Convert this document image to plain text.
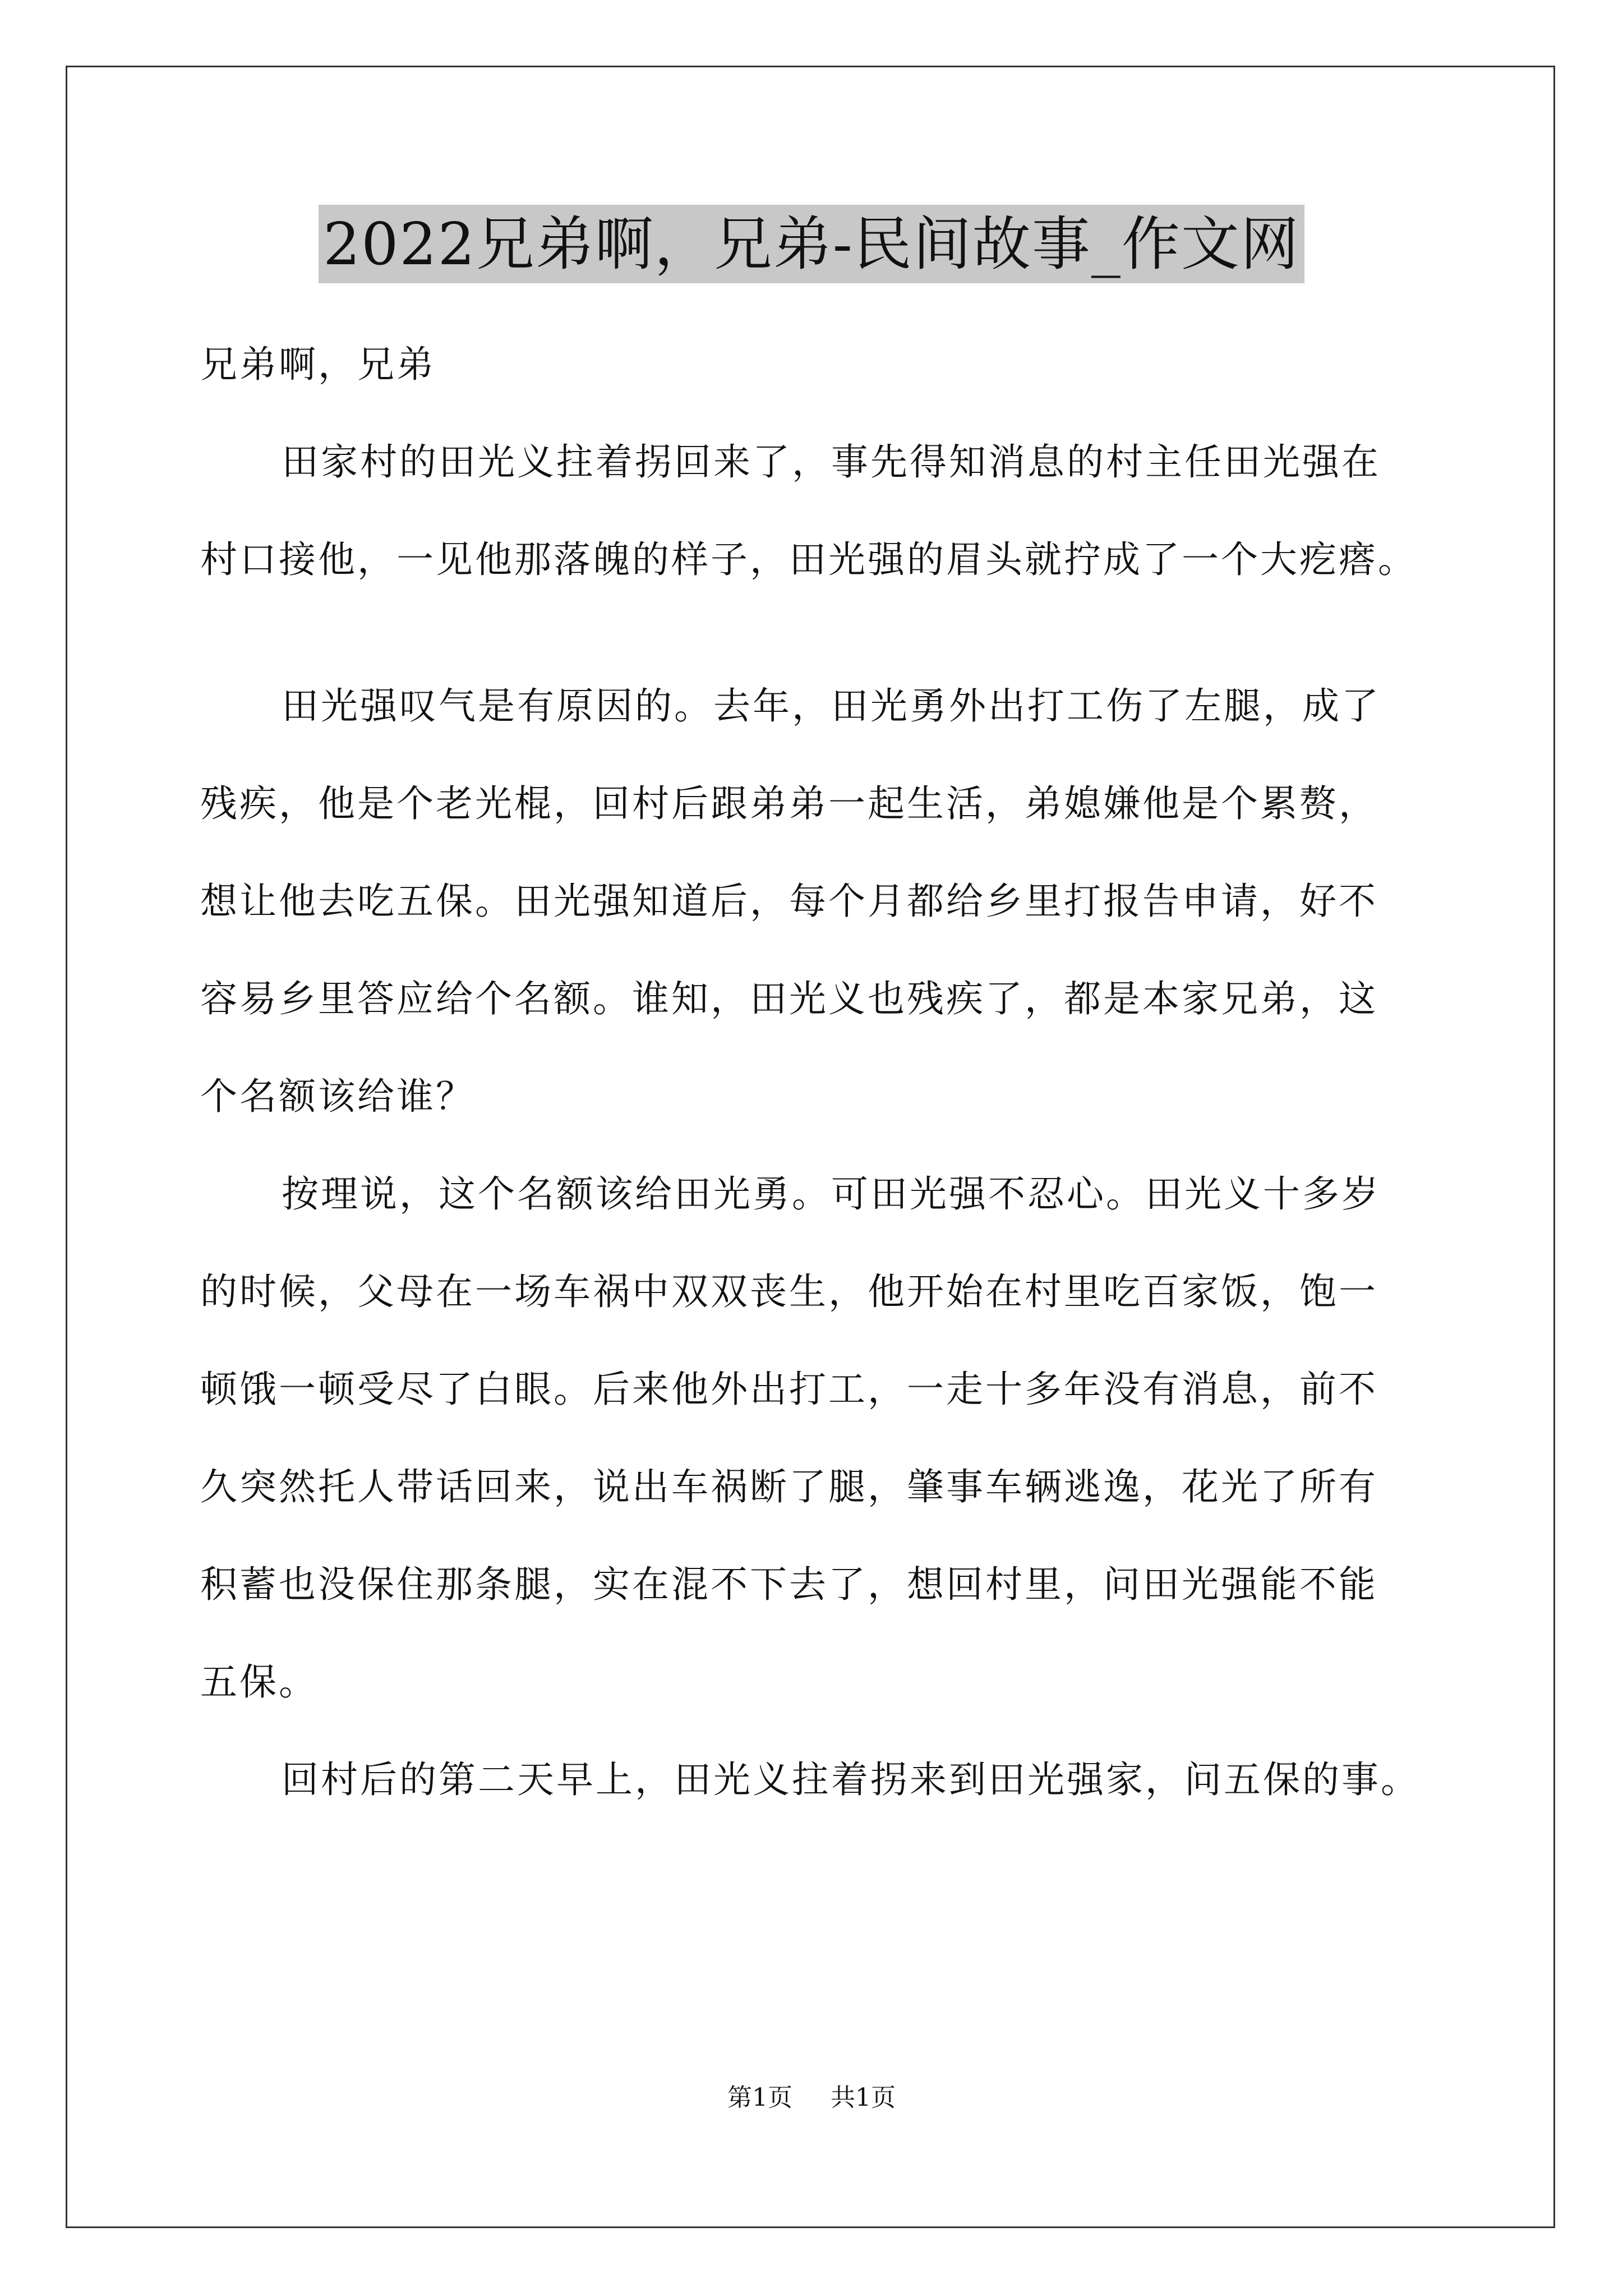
2022兄弟啊，兄弟-民间故事_作文网
兄弟啊，兄弟
田家村的田光义拄着拐回来了，事先得知消息的村主任田光强在
村口接他，一见他那落魄的样子，田光强的眉头就拧成了一个大疙瘩。
田光强叹气是有原因的。去年，田光勇外出打工伤了左腿，成了
残疾，他是个老光棍，回村后跟弟弟一起生活，弟媳嫌他是个累赘，
想让他去吃五保。田光强知道后，每个月都给乡里打报告申请，好不
容易乡里答应给个名额。谁知，田光义也残疾了，都是本家兄弟，这
个名额该给谁？
按理说，这个名额该给田光勇。可田光强不忍心。田光义十多岁
的时候，父母在一场车祸中双双丧生，他开始在村里吃百家饭，饱一
顿饿一顿受尽了白眼。后来他外出打工，一走十多年没有消息，前不
久突然托人带话回来，说出车祸断了腿，肇事车辆逃逸，花光了所有
积蓄也没保住那条腿，实在混不下去了，想回村里，问田光强能不能
五保。
回村后的第二天早上，田光义拄着拐来到田光强家，问五保的事。
第1页 共1页
